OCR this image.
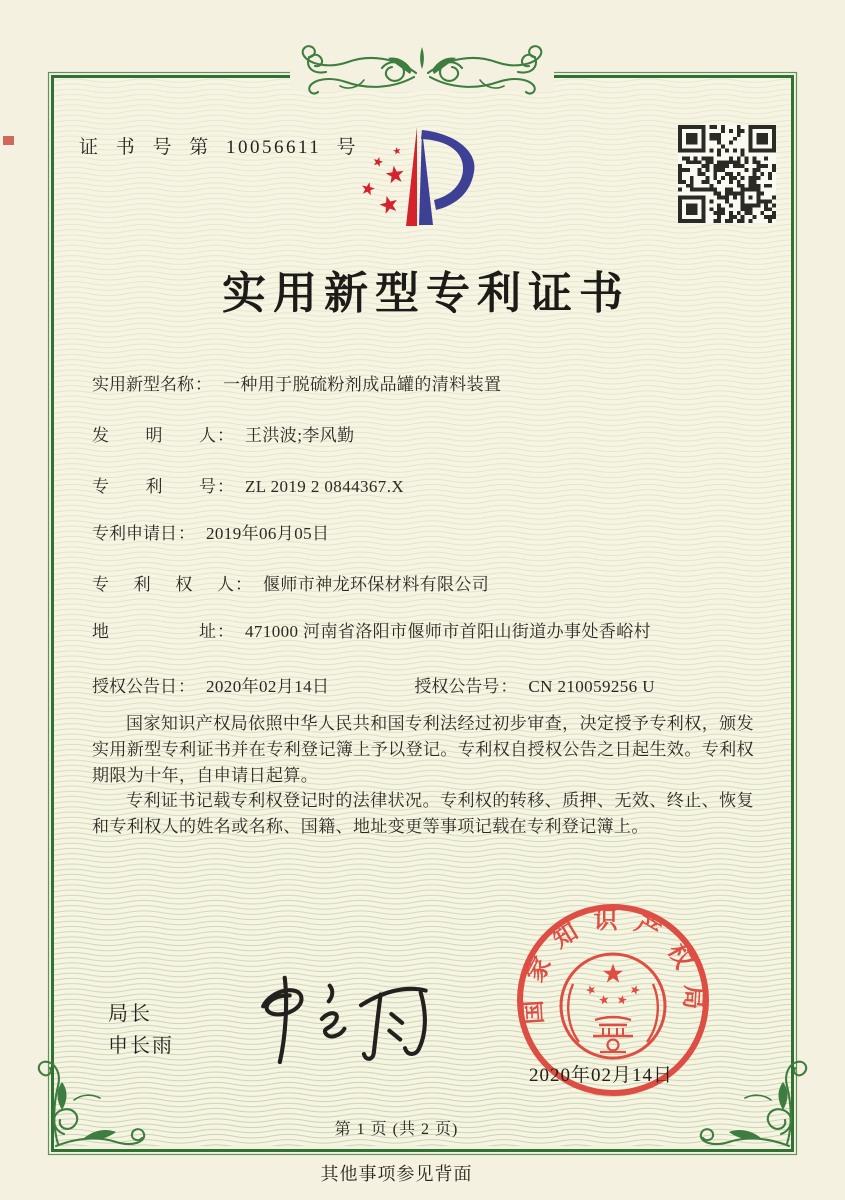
证 书 号 第 10056611 号
实用新型专利证书
实用新型名称： 一种用于脱硫粉剂成品罐的清料装置
发明人： 王洪波;李风勤
专利号： ZL 2019 2 0844367.X
专利申请日： 2019年06月05日
专利权人： 偃师市神龙环保材料有限公司
地址： 471000 河南省洛阳市偃师市首阳山街道办事处香峪村
授权公告日： 2020年02月14日	授权公告号： CN 210059256 U

国家知识产权局依照中华人民共和国专利法经过初步审查，决定授予专利权，颁发实用新型专利证书并在专利登记簿上予以登记。专利权自授权公告之日起生效。专利权期限为十年，自申请日起算。

专利证书记载专利权登记时的法律状况。专利权的转移、质押、无效、终止、恢复和专利权人的姓名或名称、国籍、地址变更等事项记载在专利登记簿上。

局长
申长雨
国家知识产权局
2020年02月14日
第 1 页 (共 2 页)
其他事项参见背面
